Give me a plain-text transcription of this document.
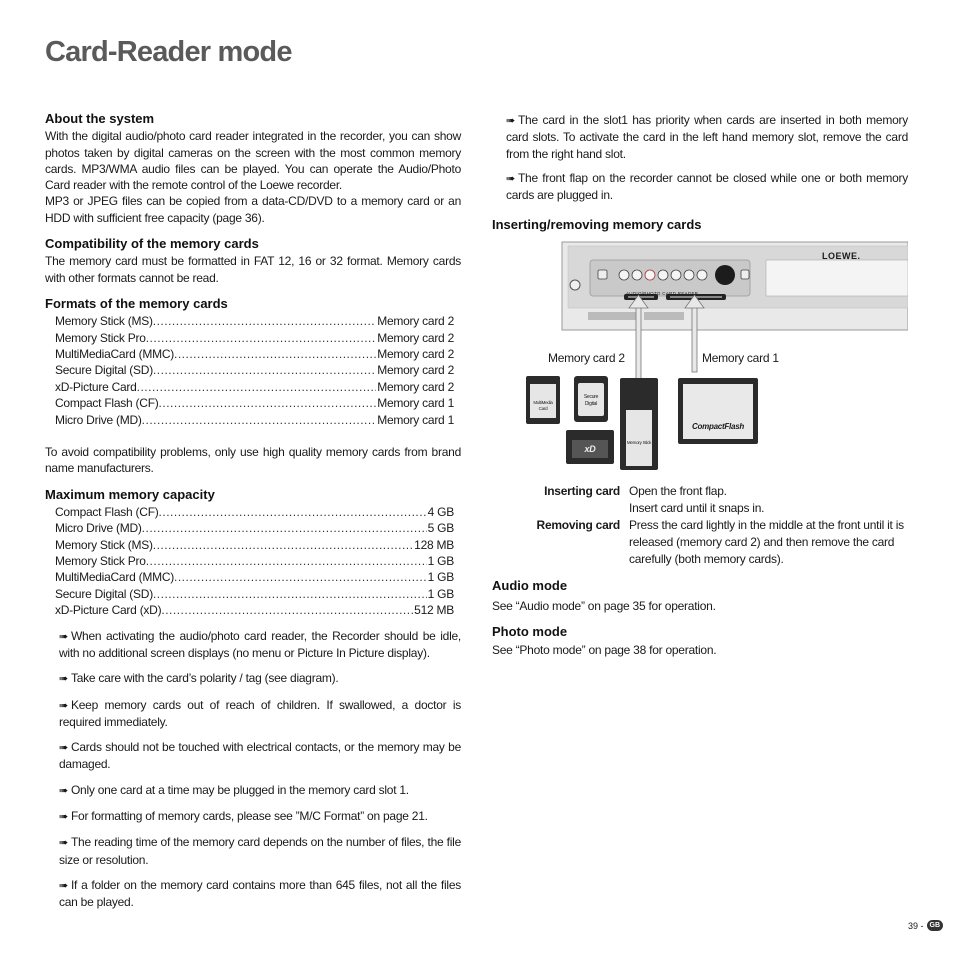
Card-Reader mode
About the system

With the digital audio/photo card reader integrated in the recorder, you can show photos taken by digital cameras on the screen with the most common memory cards. MP3/WMA audio files can be played. You can operate the Audio/Photo Card reader with the remote control of the Loewe recorder.

MP3 or JPEG files can be copied from a data-CD/DVD to a memory card or an HDD with sufficient free capacity (page 36).

Compatibility of the memory cards

The memory card must be formatted in FAT 12, 16 or 32 format. Memory cards with other formats cannot be read.

Formats of the memory cards
Memory Stick (MS) .....	Memory card 2
Memory Stick Pro .....	Memory card 2
MultiMediaCard (MMC) .....	Memory card 2
Secure Digital (SD) .....	Memory card 2
xD-Picture Card .....	Memory card 2
Compact Flash (CF) .....	Memory card 1
Micro Drive (MD) .....	Memory card 1

To avoid compatibility problems, only use high quality memory cards from brand name manufacturers.

Maximum memory capacity
Compact Flash (CF) .....	4 GB
Micro Drive (MD) .....	5 GB
Memory Stick (MS) .....	128 MB
Memory Stick Pro .....	1 GB
MultiMediaCard (MMC) .....	1 GB
Secure Digital (SD) .....	1 GB
xD-Picture Card (xD) .....	512 MB

➠ When activating the audio/photo card reader, the Recorder should be idle, with no additional screen displays (no menu or Picture In Picture display).

➠ Take care with the card’s polarity / tag (see diagram).

➠ Keep memory cards out of reach of children. If swallowed, a doctor is required immediately.

➠ Cards should not be touched with electrical contacts, or the memory may be damaged.

➠ Only one card at a time may be plugged in the memory card slot 1.

➠ For formatting of memory cards, please see ”M/C Format” on page 21.

➠ The reading time of the memory card depends on the number of files, the file size or resolution.

➠ If a folder on the memory card contains more than 645 files, not all the files can be played.

➠ The card in the slot1 has priority when cards are inserted in both memory card slots. To activate the card in the left hand memory slot, remove the card from the right hand slot.

➠ The front flap on the recorder cannot be closed while one or both memory cards are plugged in.

Inserting/removing memory cards
LOEWE.
AUDIO/PHOTO CARD READER
Memory card 2	Memory card 1
MultiMedia Card
Secure Digital
Memory Stick
xD
CompactFlash
Inserting card Open the front flap.
Insert card until it snaps in.
Removing card Press the card lightly in the middle at the front until it is released (memory card 2) and then remove the card carefully (both memory cards).
Audio mode

See “Audio mode” on page 35 for operation.

Photo mode

See “Photo mode” on page 38 for operation.

39 - GB
